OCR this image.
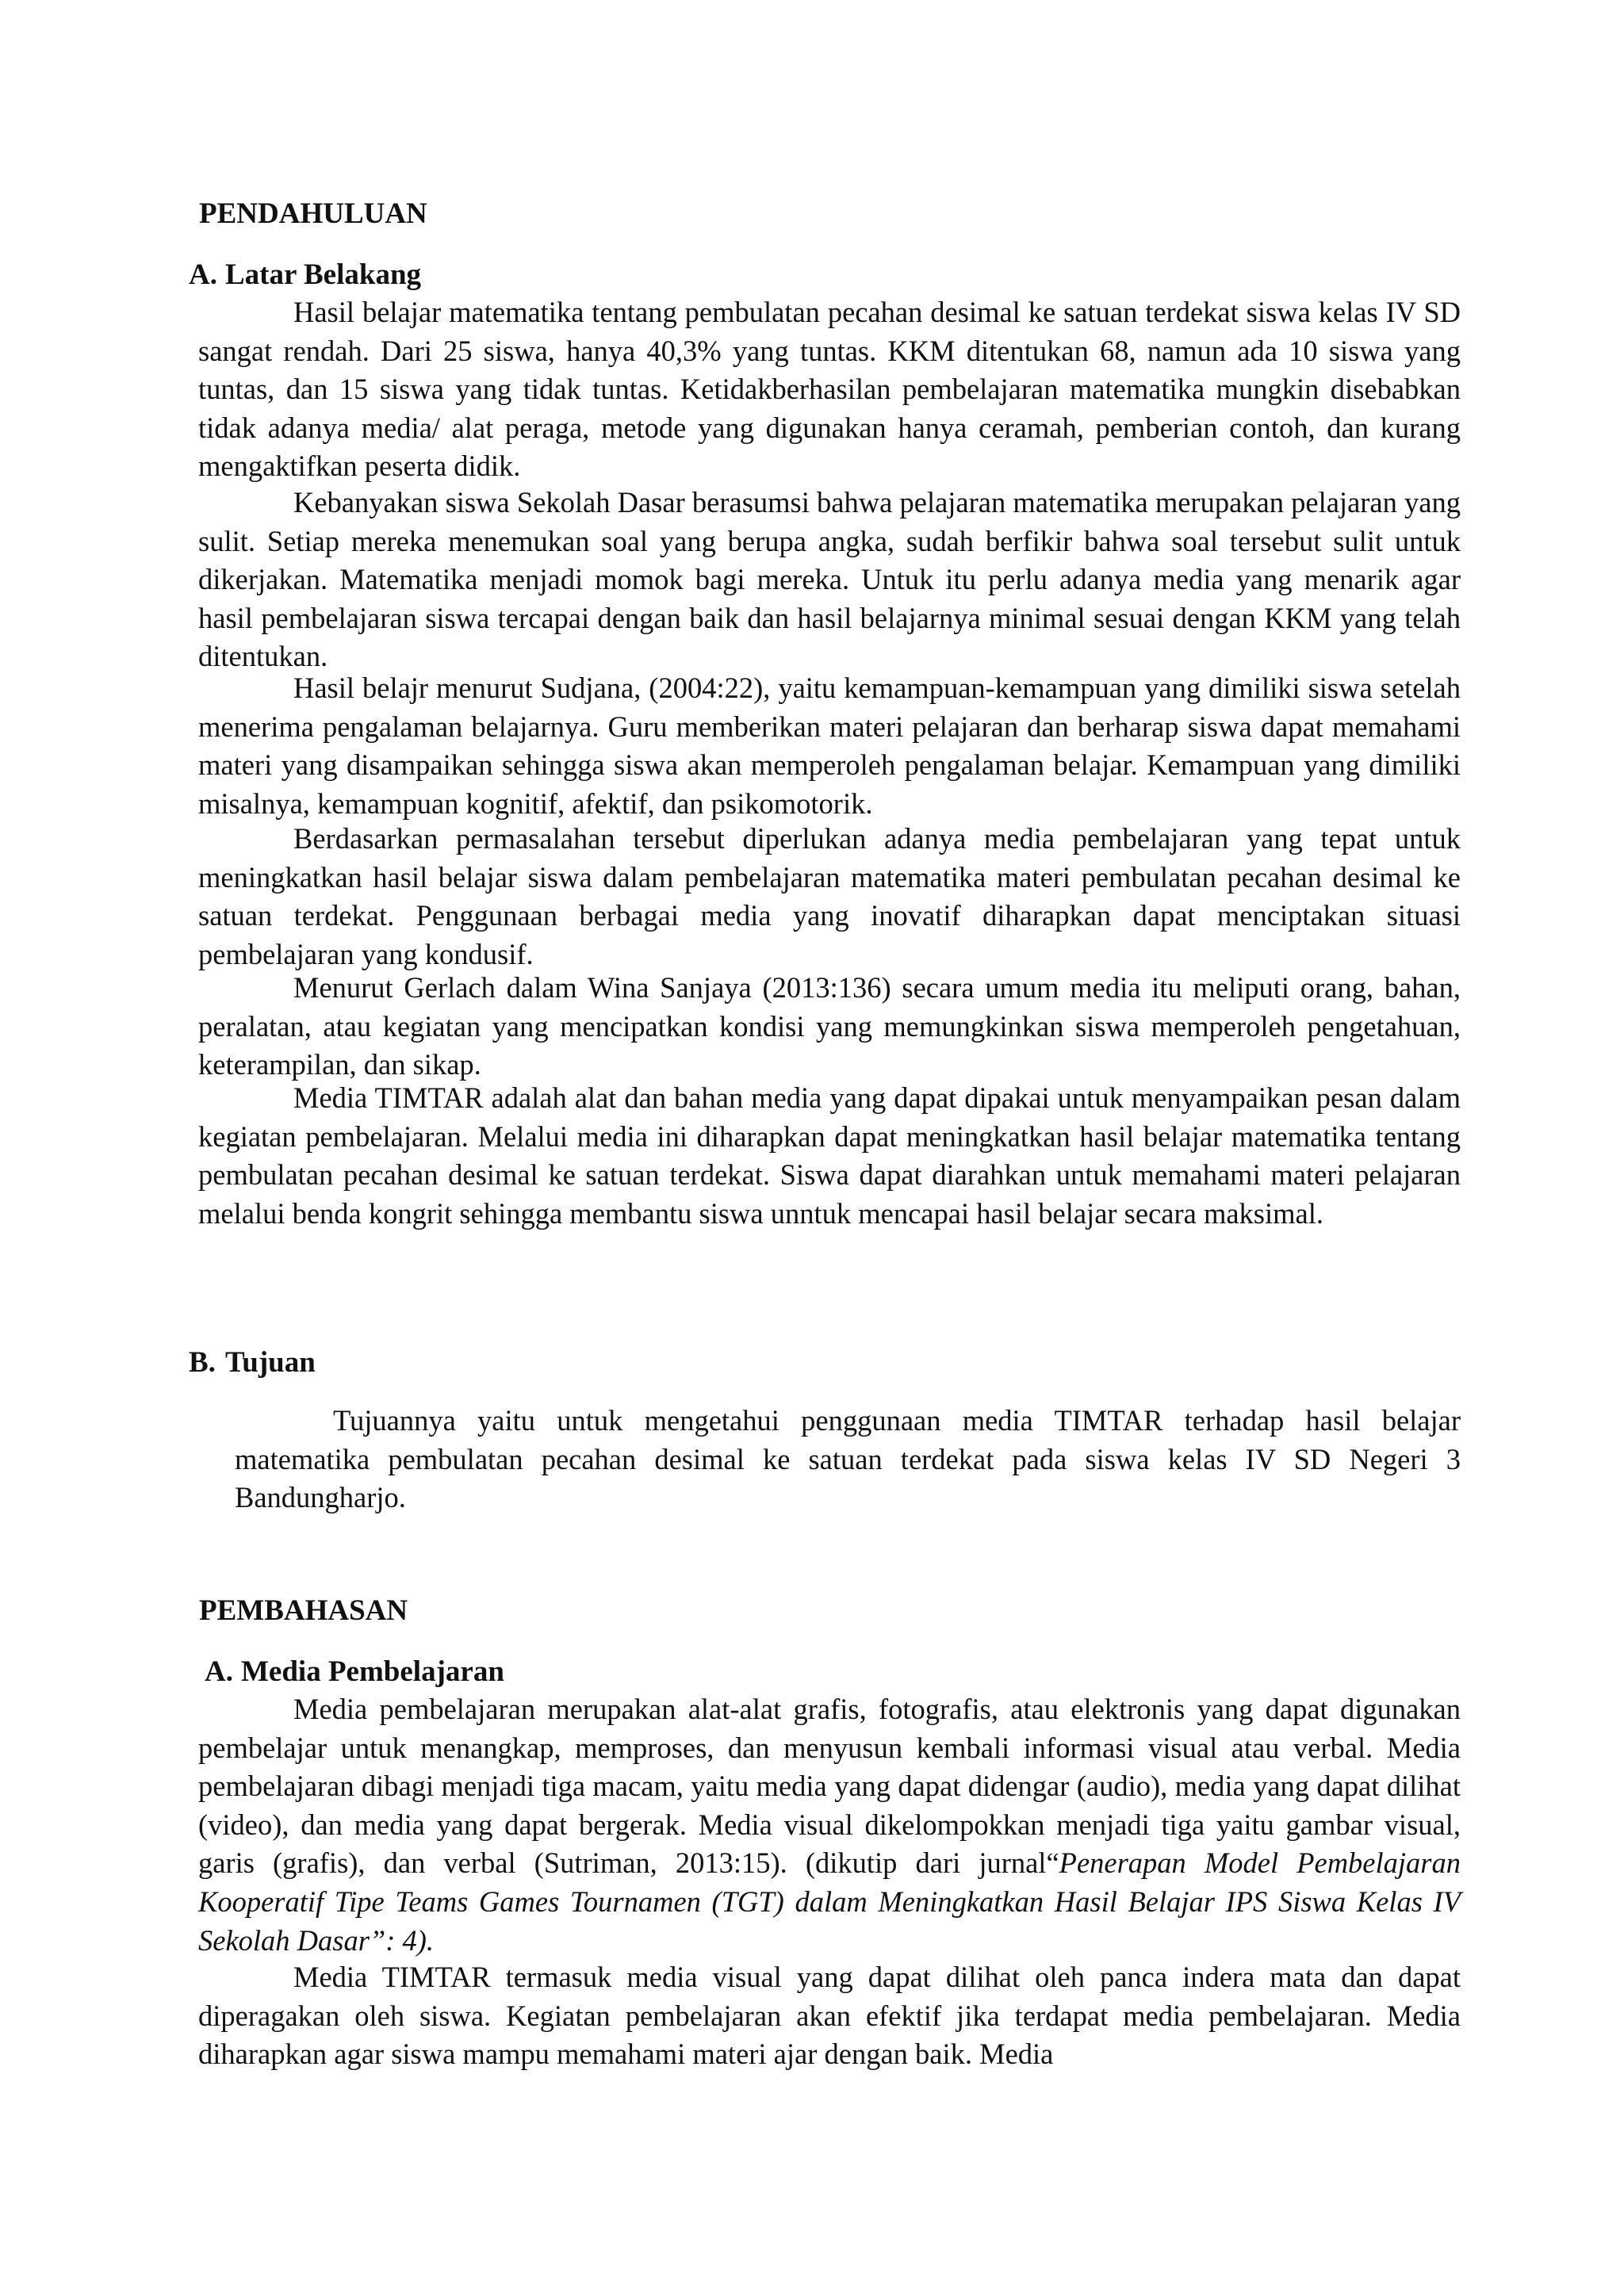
PENDAHULUAN
A. Latar Belakang

Hasil belajar matematika tentang pembulatan pecahan desimal ke satuan terdekat siswa kelas IV SD sangat rendah. Dari 25 siswa, hanya 40,3% yang tuntas. KKM ditentukan 68, namun ada 10 siswa yang tuntas, dan 15 siswa yang tidak tuntas. Ketidakberhasilan pembelajaran matematika mungkin disebabkan tidak adanya media/ alat peraga, metode yang digunakan hanya ceramah, pemberian contoh, dan kurang mengaktifkan peserta didik.

Kebanyakan siswa Sekolah Dasar berasumsi bahwa pelajaran matematika merupakan pelajaran yang sulit. Setiap mereka menemukan soal yang berupa angka, sudah berfikir bahwa soal tersebut sulit untuk dikerjakan. Matematika menjadi momok bagi mereka. Untuk itu perlu adanya media yang menarik agar hasil pembelajaran siswa tercapai dengan baik dan hasil belajarnya minimal sesuai dengan KKM yang telah ditentukan.

Hasil belajr menurut Sudjana, (2004:22), yaitu kemampuan-kemampuan yang dimiliki siswa setelah menerima pengalaman belajarnya. Guru memberikan materi pelajaran dan berharap siswa dapat memahami materi yang disampaikan sehingga siswa akan memperoleh pengalaman belajar. Kemampuan yang dimiliki misalnya, kemampuan kognitif, afektif, dan psikomotorik.

Berdasarkan permasalahan tersebut diperlukan adanya media pembelajaran yang tepat untuk meningkatkan hasil belajar siswa dalam pembelajaran matematika materi pembulatan pecahan desimal ke satuan terdekat. Penggunaan berbagai media yang inovatif diharapkan dapat menciptakan situasi pembelajaran yang kondusif.

Menurut Gerlach dalam Wina Sanjaya (2013:136) secara umum media itu meliputi orang, bahan, peralatan, atau kegiatan yang mencipatkan kondisi yang memungkinkan siswa memperoleh pengetahuan, keterampilan, dan sikap.

Media TIMTAR adalah alat dan bahan media yang dapat dipakai untuk menyampaikan pesan dalam kegiatan pembelajaran. Melalui media ini diharapkan dapat meningkatkan hasil belajar matematika tentang pembulatan pecahan desimal ke satuan terdekat. Siswa dapat diarahkan untuk memahami materi pelajaran melalui benda kongrit sehingga membantu siswa unntuk mencapai hasil belajar secara maksimal.

B. Tujuan

Tujuannya yaitu untuk mengetahui penggunaan media TIMTAR terhadap hasil belajar matematika pembulatan pecahan desimal ke satuan terdekat pada siswa kelas IV SD Negeri 3 Bandungharjo.

PEMBAHASAN
A. Media Pembelajaran

Media pembelajaran merupakan alat-alat grafis, fotografis, atau elektronis yang dapat digunakan pembelajar untuk menangkap, memproses, dan menyusun kembali informasi visual atau verbal. Media pembelajaran dibagi menjadi tiga macam, yaitu media yang dapat didengar (audio), media yang dapat dilihat (video), dan media yang dapat bergerak. Media visual dikelompokkan menjadi tiga yaitu gambar visual, garis (grafis), dan verbal (Sutriman, 2013:15). (dikutip dari jurnal“Penerapan Model Pembelajaran Kooperatif Tipe Teams Games Tournamen (TGT) dalam Meningkatkan Hasil Belajar IPS Siswa Kelas IV Sekolah Dasar”: 4).

Media TIMTAR termasuk media visual yang dapat dilihat oleh panca indera mata dan dapat diperagakan oleh siswa. Kegiatan pembelajaran akan efektif jika terdapat media pembelajaran. Media diharapkan agar siswa mampu memahami materi ajar dengan baik. Media
